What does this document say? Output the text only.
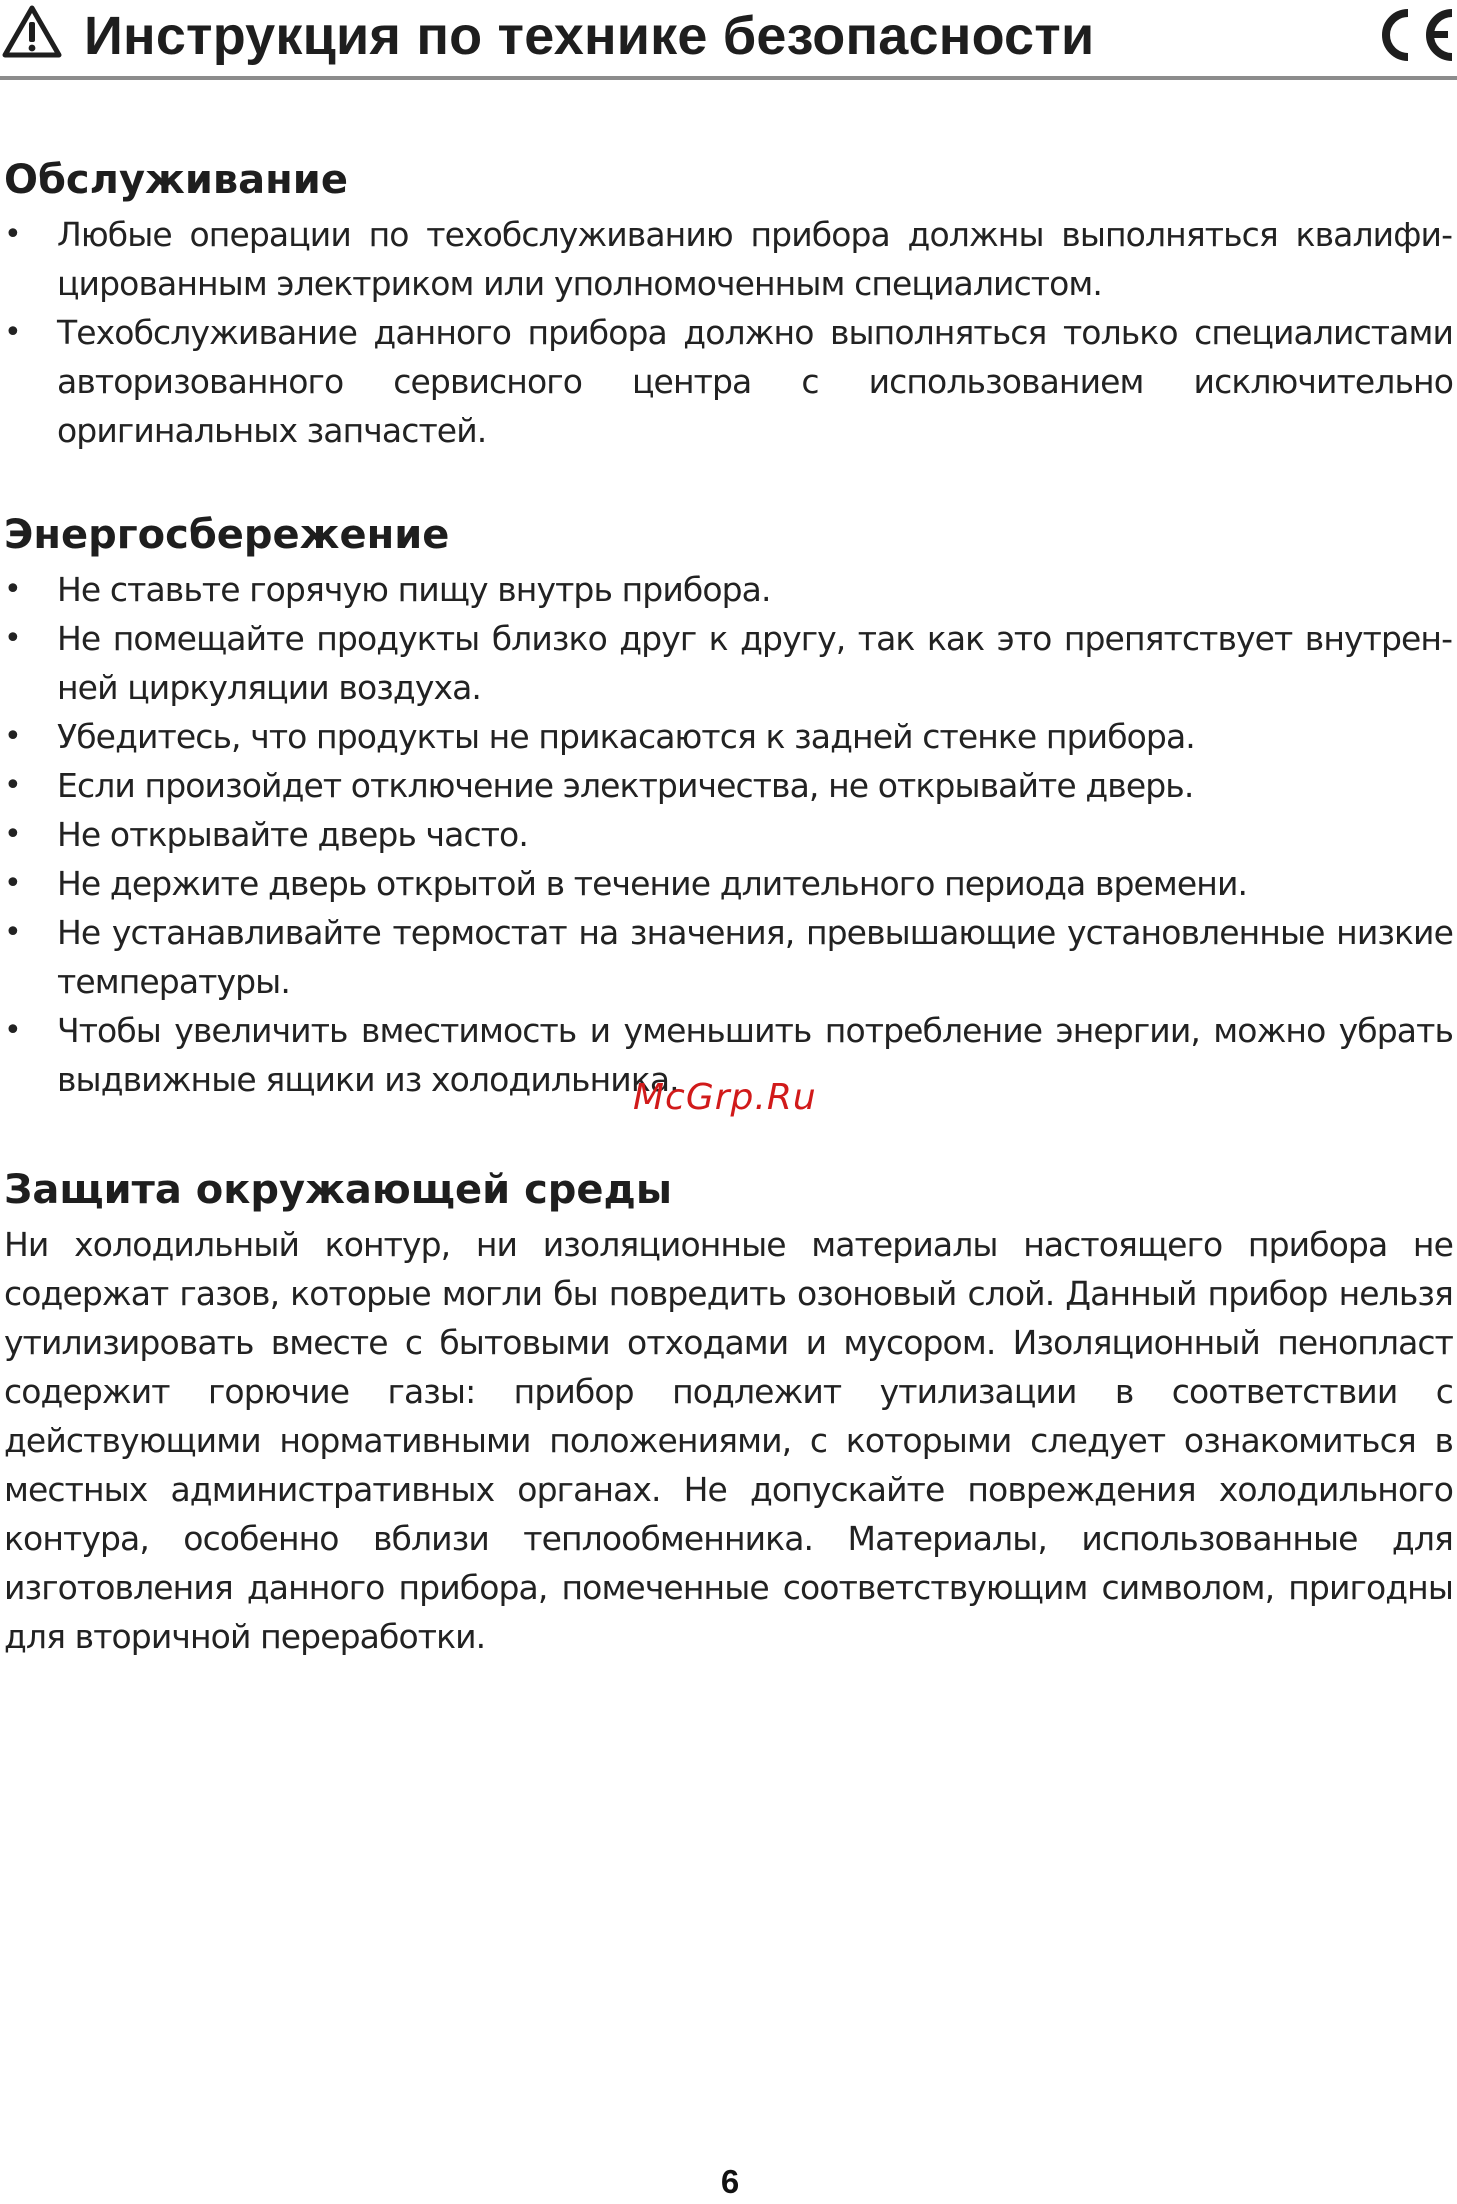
Инструкция по технике безопасности
Обслуживание
• Любые операции по техобслуживанию прибора должны выполняться квалифицированным электриком или уполномоченным специалистом.
• Техобслуживание данного прибора должно выполняться только специалистами авторизованного сервисного центра с использованием исключительно оригинальных запчастей.
Энергосбережение
• Не ставьте горячую пищу внутрь прибора.
• Не помещайте продукты близко друг к другу, так как это препятствует внутренней циркуляции воздуха.
• Убедитесь, что продукты не прикасаются к задней стенке прибора.
• Если произойдет отключение электричества, не открывайте дверь.
• Не открывайте дверь часто.
• Не держите дверь открытой в течение длительного периода времени.
• Не устанавливайте термостат на значения, превышающие установленные низкие температуры.
• Чтобы увеличить вместимость и уменьшить потребление энергии, можно убрать выдвижные ящики из холодильника.
Защита окружающей среды

Ни холодильный контур, ни изоляционные материалы настоящего прибора не содержат газов, которые могли бы повредить озоновый слой. Данный прибор нельзя утилизировать вместе с бытовыми отходами и мусором. Изоляционный пенопласт содержит горючие газы: прибор подлежит утилизации в соответствии с действующими нормативными положениями, с которыми следует ознакомиться в местных административных органах. Не допускайте повреждения холодильного контура, особенно вблизи теплообменника. Материалы, использованные для изготовления данного прибора, помеченные соответствующим символом, пригодны для вторичной переработки.

McGrp.Ru
6
